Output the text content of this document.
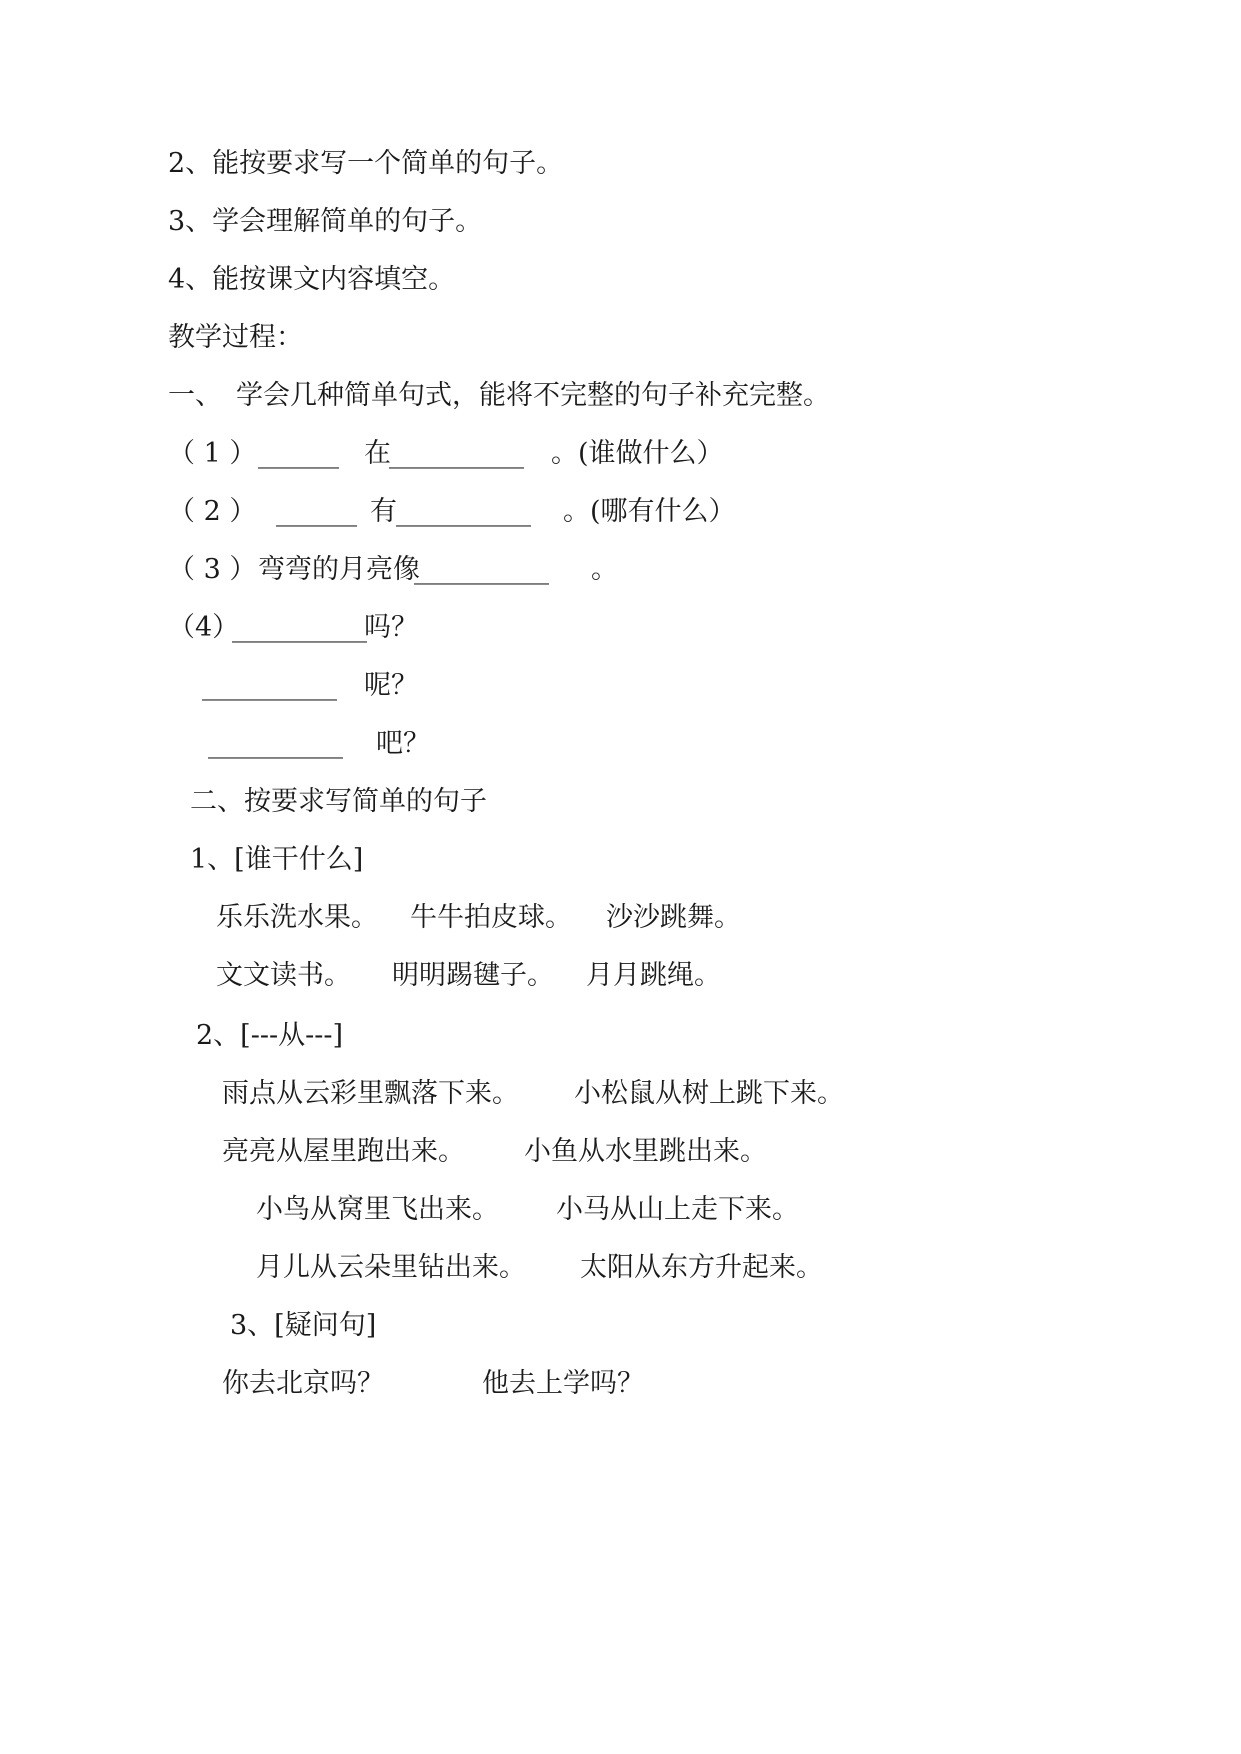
2、能按要求写一个简单的句子。
3、学会理解简单的句子。
4、能按课文内容填空。
教学过程：
一、 学会几种简单句式，能将不完整的句子补充完整。
（ 1 ） ______ 在
__________ 。(谁做什么）
（ 2 ） ______ 有 __________ 。(哪有什么）
（ 3 ） 弯弯的月亮像
__________ 。
（4）
__________
吗？
__________ 呢？
__________ 吧？
二、按要求写简单的句子
1、[谁干什么]
乐乐洗水果。 牛牛拍皮球。 沙沙跳舞。
文文读书。 明明踢毽子。 月月跳绳。
2、[---从---]
雨点从云彩里飘落下来。 小松鼠从树上跳下来。
亮亮从屋里跑出来。 小鱼从水里跳出来。
小鸟从窝里飞出来。 小马从山上走下来。
月儿从云朵里钻出来。 太阳从东方升起来。
3、[疑问句]
你去北京吗？	他去上学吗？
